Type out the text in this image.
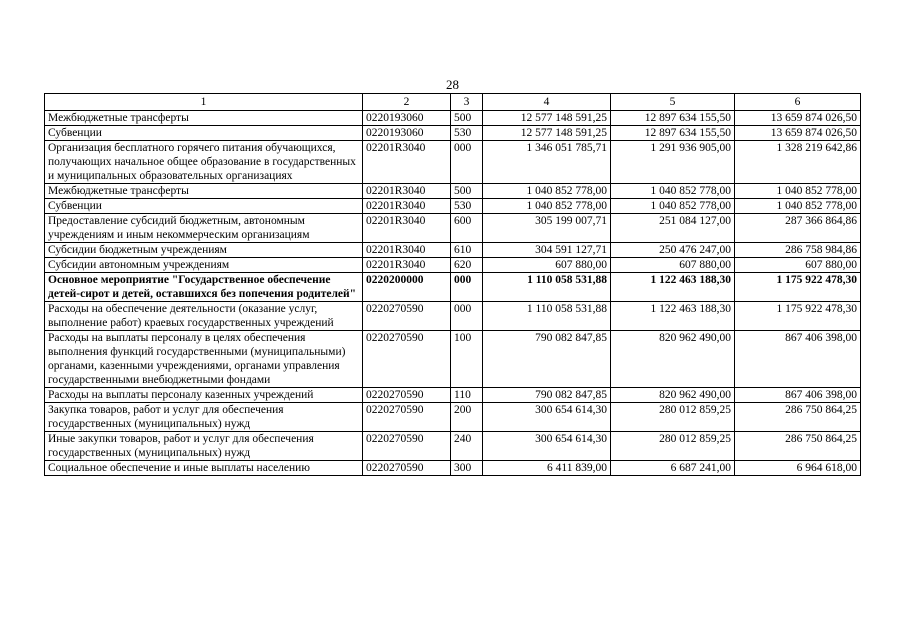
28
1	2	3	4	5	6
Межбюджетные трансферты	0220193060	500	12 577 148 591,25	12 897 634 155,50	13 659 874 026,50
Субвенции	0220193060	530	12 577 148 591,25	12 897 634 155,50	13 659 874 026,50
Организация бесплатного горячего питания обучающихся, получающих начальное общее образование в государственных и муниципальных образовательных организациях	02201R3040	000	1 346 051 785,71	1 291 936 905,00	1 328 219 642,86
Межбюджетные трансферты	02201R3040	500	1 040 852 778,00	1 040 852 778,00	1 040 852 778,00
Субвенции	02201R3040	530	1 040 852 778,00	1 040 852 778,00	1 040 852 778,00
Предоставление субсидий бюджетным, автономным учреждениям и иным некоммерческим организациям	02201R3040	600	305 199 007,71	251 084 127,00	287 366 864,86
Субсидии бюджетным учреждениям	02201R3040	610	304 591 127,71	250 476 247,00	286 758 984,86
Субсидии автономным учреждениям	02201R3040	620	607 880,00	607 880,00	607 880,00
Основное мероприятие "Государственное обеспечение детей-сирот и детей, оставшихся без попечения родителей"	0220200000	000	1 110 058 531,88	1 122 463 188,30	1 175 922 478,30
Расходы на обеспечение деятельности (оказание услуг, выполнение работ) краевых государственных учреждений	0220270590	000	1 110 058 531,88	1 122 463 188,30	1 175 922 478,30
Расходы на выплаты персоналу в целях обеспечения выполнения функций государственными (муниципальными) органами, казенными учреждениями, органами управления государственными внебюджетными фондами	0220270590	100	790 082 847,85	820 962 490,00	867 406 398,00
Расходы на выплаты персоналу казенных учреждений	0220270590	110	790 082 847,85	820 962 490,00	867 406 398,00
Закупка товаров, работ и услуг для обеспечения государственных (муниципальных) нужд	0220270590	200	300 654 614,30	280 012 859,25	286 750 864,25
Иные закупки товаров, работ и услуг для обеспечения государственных (муниципальных) нужд	0220270590	240	300 654 614,30	280 012 859,25	286 750 864,25
Социальное обеспечение и иные выплаты населению	0220270590	300	6 411 839,00	6 687 241,00	6 964 618,00
